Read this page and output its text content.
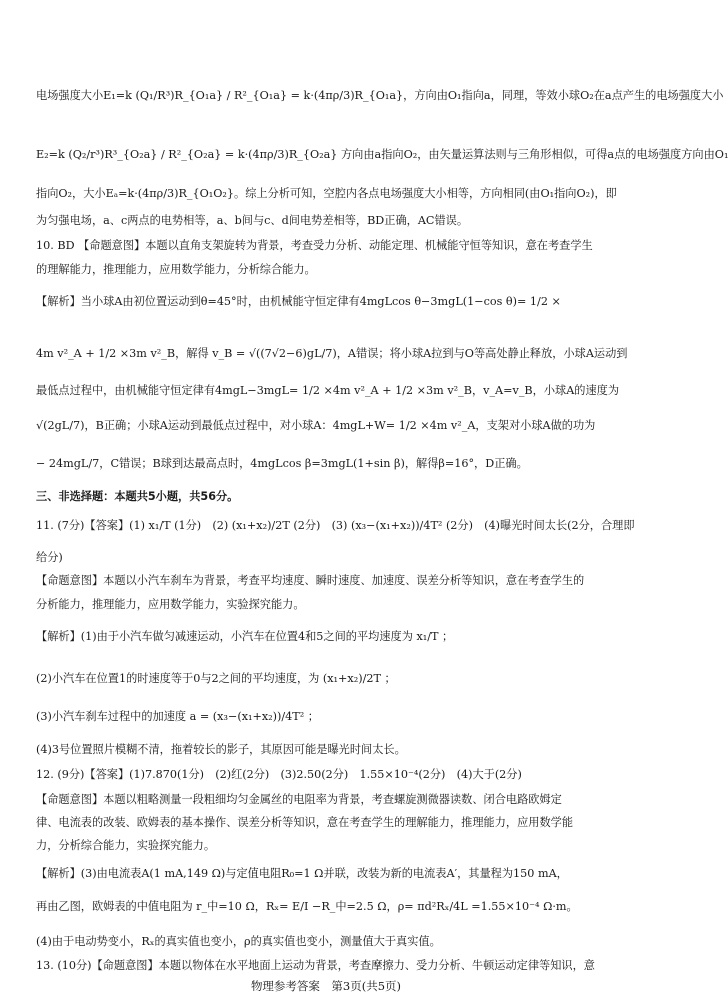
电场强度大小E₁=k (Q₁/R³)R_{O₁a} / R²_{O₁a} = k·(4πρ/3)R_{O₁a}，方向由O₁指向a，同理，等效小球O₂在a点产生的电场强度大小
E₂=k (Q₂/r³)R³_{O₂a} / R²_{O₂a} = k·(4πρ/3)R_{O₂a} 方向由a指向O₂，由矢量运算法则与三角形相似，可得a点的电场强度方向由O₁
指向O₂，大小Eₐ=k·(4πρ/3)R_{O₁O₂}。综上分析可知，空腔内各点电场强度大小相等，方向相同(由O₁指向O₂)，即
为匀强电场，a、c两点的电势相等，a、b间与c、d间电势差相等，BD正确，AC错误。
10. BD 【命题意图】本题以直角支架旋转为背景，考查受力分析、动能定理、机械能守恒等知识，意在考查学生
的理解能力，推理能力，应用数学能力，分析综合能力。
【解析】当小球A由初位置运动到θ=45°时，由机械能守恒定律有4mgLcos θ−3mgL(1−cos θ)= 1/2 ×
4m v²_A + 1/2 ×3m v²_B，解得 v_B = √((7√2−6)gL/7)，A错误；将小球A拉到与O等高处静止释放，小球A运动到
最低点过程中，由机械能守恒定律有4mgL−3mgL= 1/2 ×4m v²_A + 1/2 ×3m v²_B，v_A=v_B，小球A的速度为
√(2gL/7)，B正确；小球A运动到最低点过程中，对小球A：4mgL+W= 1/2 ×4m v²_A，支架对小球A做的功为
− 24mgL/7，C错误；B球到达最高点时，4mgLcos β=3mgL(1+sin β)，解得β=16°，D正确。
三、非选择题：本题共5小题，共56分。
11. (7分)【答案】(1) x₁/T (1分)　(2) (x₁+x₂)/2T (2分)　(3) (x₃−(x₁+x₂))/4T² (2分)　(4)曝光时间太长(2分，合理即
给分)
【命题意图】本题以小汽车刹车为背景，考查平均速度、瞬时速度、加速度、误差分析等知识，意在考查学生的
分析能力，推理能力，应用数学能力，实验探究能力。
【解析】(1)由于小汽车做匀减速运动，小汽车在位置4和5之间的平均速度为 x₁/T ；
(2)小汽车在位置1的时速度等于0与2之间的平均速度，为 (x₁+x₂)/2T ；
(3)小汽车刹车过程中的加速度 a = (x₃−(x₁+x₂))/4T² ；
(4)3号位置照片模糊不清，拖着较长的影子，其原因可能是曝光时间太长。
12. (9分)【答案】(1)7.870(1分)　(2)红(2分)　(3)2.50(2分)　1.55×10⁻⁴(2分)　(4)大于(2分)
【命题意图】本题以粗略测量一段粗细均匀金属丝的电阻率为背景，考查螺旋测微器读数、闭合电路欧姆定
律、电流表的改装、欧姆表的基本操作、误差分析等知识，意在考查学生的理解能力，推理能力，应用数学能
力，分析综合能力，实验探究能力。
【解析】(3)由电流表A(1 mA,149 Ω)与定值电阻R₀=1 Ω并联，改装为新的电流表A′，其量程为150 mA，
再由乙图，欧姆表的中值电阻为 r_中=10 Ω，Rₓ= E/I −R_中=2.5 Ω，ρ= πd²Rₓ/4L =1.55×10⁻⁴ Ω·m。
(4)由于电动势变小，Rₓ的真实值也变小，ρ的真实值也变小，测量值大于真实值。
13. (10分)【命题意图】本题以物体在水平地面上运动为背景，考查摩擦力、受力分析、牛顿运动定律等知识，意
物理参考答案　第3页(共5页)
